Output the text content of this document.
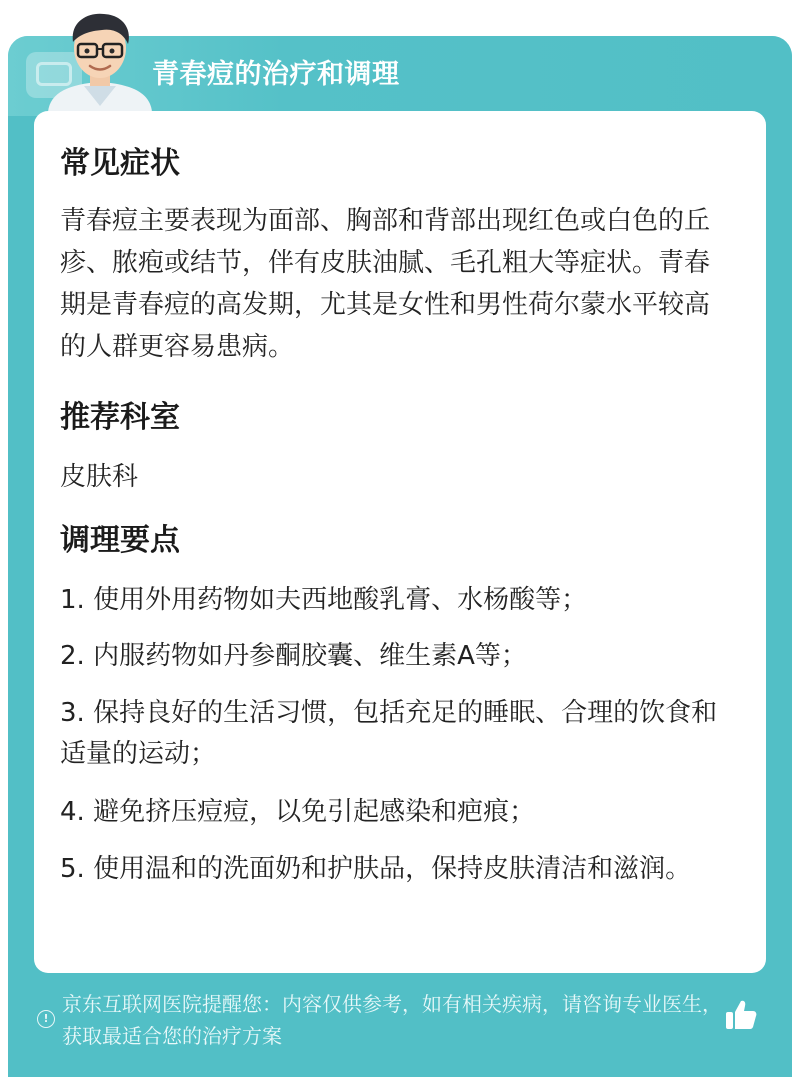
青春痘的治疗和调理
常见症状
青春痘主要表现为面部、胸部和背部出现红色或白色的丘疹、脓疱或结节，伴有皮肤油腻、毛孔粗大等症状。青春期是青春痘的高发期，尤其是女性和男性荷尔蒙水平较高的人群更容易患病。
推荐科室
皮肤科
调理要点
1. 使用外用药物如夫西地酸乳膏、水杨酸等；
2. 内服药物如丹参酮胶囊、维生素A等；
3. 保持良好的生活习惯，包括充足的睡眠、合理的饮食和适量的运动；
4. 避免挤压痘痘，以免引起感染和疤痕；
5. 使用温和的洗面奶和护肤品，保持皮肤清洁和滋润。
!
京东互联网医院提醒您：内容仅供参考，如有相关疾病，请咨询专业医生，获取最适合您的治疗方案
